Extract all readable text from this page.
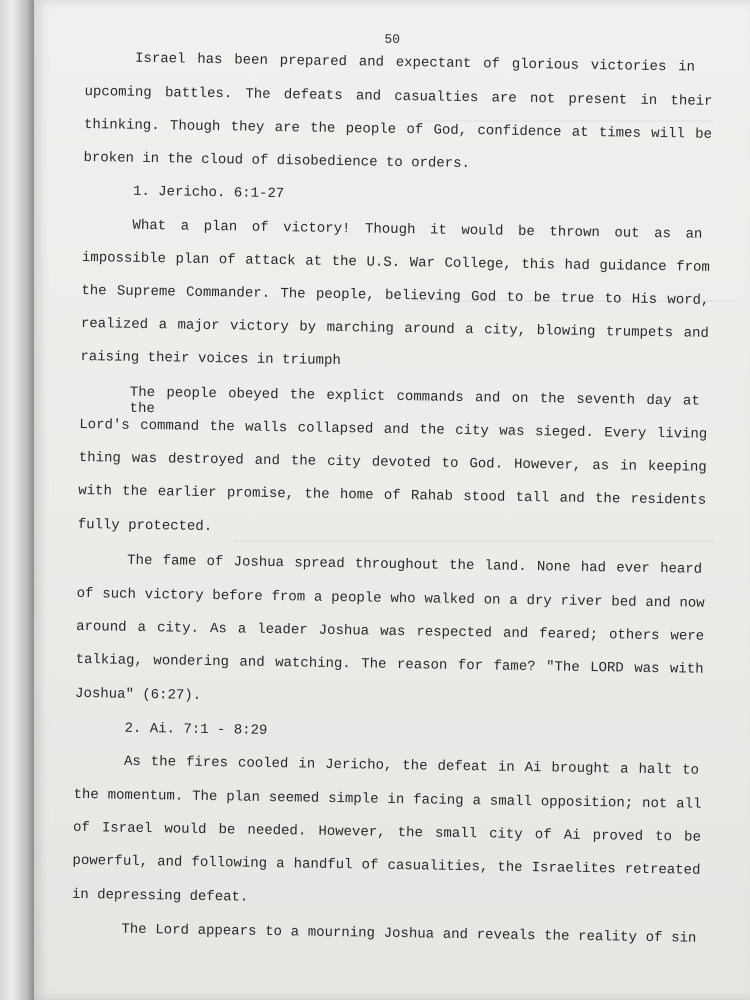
50
Israel has been prepared and expectant of glorious victories in
upcoming battles. The defeats and casualties are not present in their
thinking. Though they are the people of God, confidence at times will be
broken in the cloud of disobedience to orders.
1. Jericho. 6:1-27
What a plan of victory! Though it would be thrown out as an
impossible plan of attack at the U.S. War College, this had guidance from
the Supreme Commander. The people, believing God to be true to His word,
realized a major victory by marching around a city, blowing trumpets and
raising their voices in triumph
The people obeyed the explict commands and on the seventh day at the
Lord's command the walls collapsed and the city was sieged. Every living
thing was destroyed and the city devoted to God. However, as in keeping
with the earlier promise, the home of Rahab stood tall and the residents
fully protected.
The fame of Joshua spread throughout the land. None had ever heard
of such victory before from a people who walked on a dry river bed and now
around a city. As a leader Joshua was respected and feared; others were
talkiag, wondering and watching. The reason for fame? "The LORD was with
Joshua" (6:27).
2. Ai. 7:1 - 8:29
As the fires cooled in Jericho, the defeat in Ai brought a halt to
the momentum. The plan seemed simple in facing a small opposition; not all
of Israel would be needed. However, the small city of Ai proved to be
powerful, and following a handful of casualities, the Israelites retreated
in depressing defeat.
The Lord appears to a mourning Joshua and reveals the reality of sin
